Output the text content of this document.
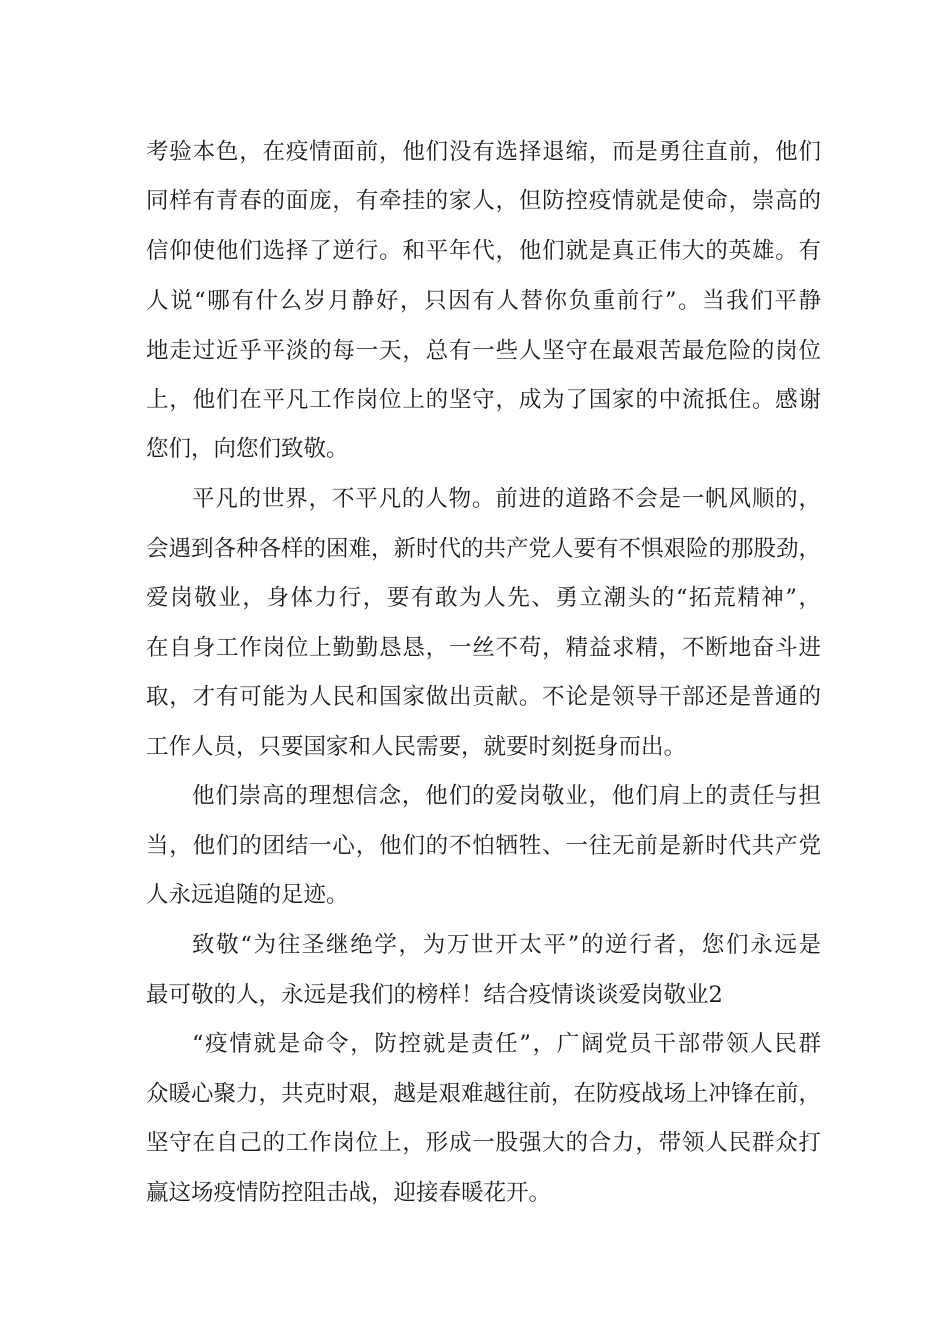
考验本色，在疫情面前，他们没有选择退缩，而是勇往直前，他们
同样有青春的面庞，有牵挂的家人，但防控疫情就是使命，崇高的
信仰使他们选择了逆行。和平年代，他们就是真正伟大的英雄。有
人说“哪有什么岁月静好，只因有人替你负重前行”。当我们平静
地走过近乎平淡的每一天，总有一些人坚守在最艰苦最危险的岗位
上，他们在平凡工作岗位上的坚守，成为了国家的中流抵住。感谢
您们，向您们致敬。
平凡的世界，不平凡的人物。前进的道路不会是一帆风顺的，
会遇到各种各样的困难，新时代的共产党人要有不惧艰险的那股劲，
爱岗敬业，身体力行，要有敢为人先、勇立潮头的“拓荒精神”，
在自身工作岗位上勤勤恳恳，一丝不苟，精益求精，不断地奋斗进
取，才有可能为人民和国家做出贡献。不论是领导干部还是普通的
工作人员，只要国家和人民需要，就要时刻挺身而出。
他们崇高的理想信念，他们的爱岗敬业，他们肩上的责任与担
当，他们的团结一心，他们的不怕牺牲、一往无前是新时代共产党
人永远追随的足迹。
致敬“为往圣继绝学，为万世开太平”的逆行者，您们永远是
最可敬的人，永远是我们的榜样！结合疫情谈谈爱岗敬业2
“疫情就是命令，防控就是责任”，广阔党员干部带领人民群
众暖心聚力，共克时艰，越是艰难越往前，在防疫战场上冲锋在前，
坚守在自己的工作岗位上，形成一股强大的合力，带领人民群众打
赢这场疫情防控阻击战，迎接春暖花开。
